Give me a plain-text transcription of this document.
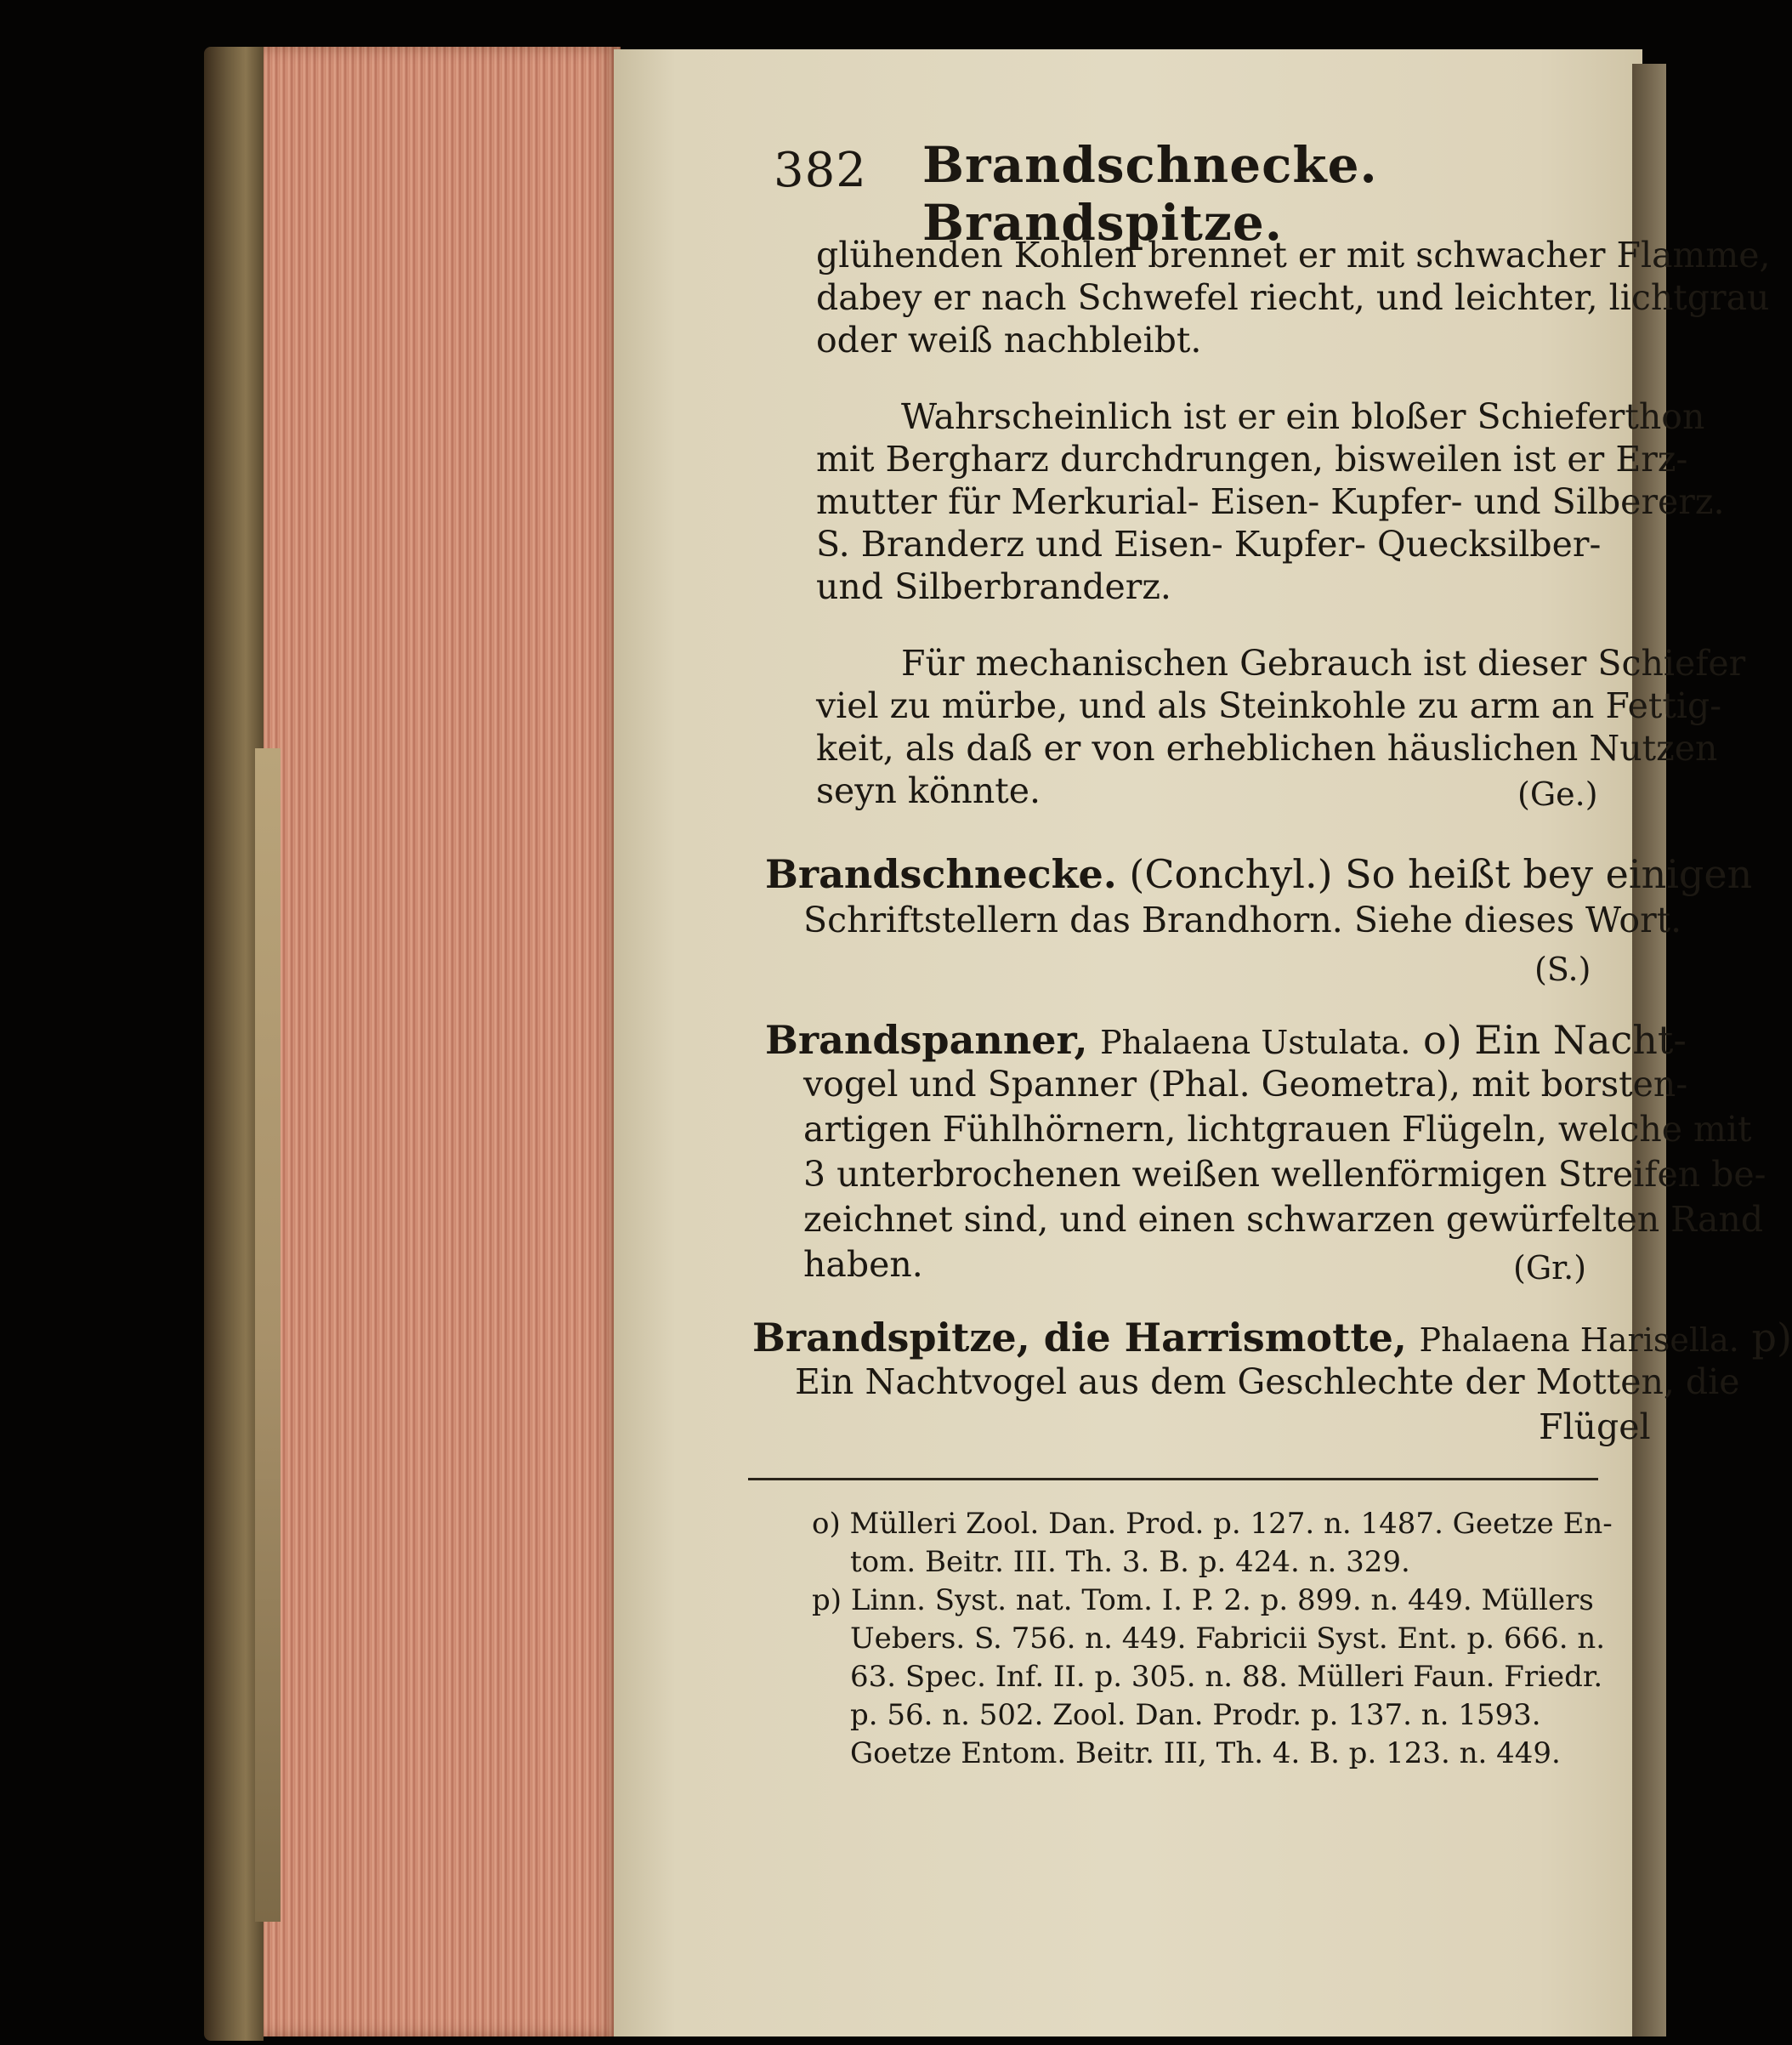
382 Brandschnecke. Brandspitze.
glühenden Kohlen brennet er mit schwacher Flamme,
dabey er nach Schwefel riecht, und leichter, lichtgrau
oder weiß nachbleibt.
Wahrscheinlich ist er ein bloßer Schieferthon
mit Bergharz durchdrungen, bisweilen ist er Erz-
mutter für Merkurial- Eisen- Kupfer- und Silbererz.
S. Branderz und Eisen- Kupfer- Quecksilber-
und Silberbranderz.
Für mechanischen Gebrauch ist dieser Schiefer
viel zu mürbe, und als Steinkohle zu arm an Fettig-
keit, als daß er von erheblichen häuslichen Nutzen
seyn könnte.	(Ge.)
Brandschnecke. (Conchyl.) So heißt bey einigen
Schriftstellern das Brandhorn. Siehe dieses Wort.
(S.)
Brandspanner, Phalaena Ustulata. o) Ein Nacht-
vogel und Spanner (Phal. Geometra), mit borsten-
artigen Fühlhörnern, lichtgrauen Flügeln, welche mit
3 unterbrochenen weißen wellenförmigen Streifen be-
zeichnet sind, und einen schwarzen gewürfelten Rand
haben.	(Gr.)
Brandspitze, die Harrismotte, Phalaena Harisella. p)
Ein Nachtvogel aus dem Geschlechte der Motten, die
Flügel
o) Mülleri Zool. Dan. Prod. p. 127. n. 1487. Geetze En-
tom. Beitr. III. Th. 3. B. p. 424. n. 329.
p) Linn. Syst. nat. Tom. I. P. 2. p. 899. n. 449. Müllers
Uebers. S. 756. n. 449. Fabricii Syst. Ent. p. 666. n.
63. Spec. Inf. II. p. 305. n. 88. Mülleri Faun. Friedr.
p. 56. n. 502. Zool. Dan. Prodr. p. 137. n. 1593.
Goetze Entom. Beitr. III, Th. 4. B. p. 123. n. 449.
